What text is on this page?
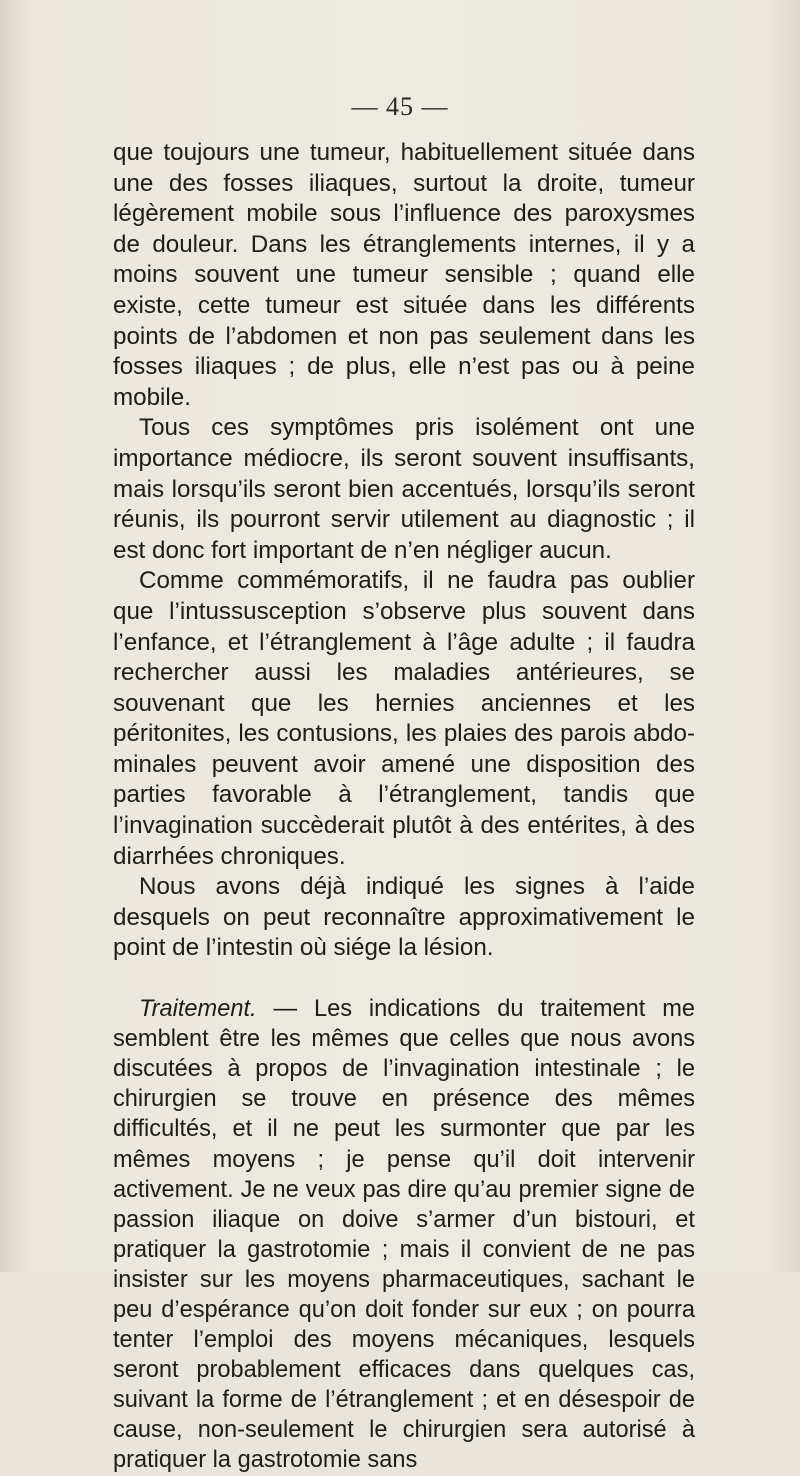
— 45 —

que toujours une tumeur, habituellement située dans une des fosses iliaques, surtout la droite, tumeur légèrement mobile sous l’influence des paroxysmes de douleur. Dans les étranglements internes, il y a moins souvent une tumeur sensible ; quand elle existe, cette tumeur est située dans les différents points de l’abdomen et non pas seulement dans les fosses iliaques ; de plus, elle n’est pas ou à peine mobile.

Tous ces symptômes pris isolément ont une importance médiocre, ils seront souvent insuffisants, mais lorsqu’ils seront bien accentués, lorsqu’ils seront réunis, ils pourront servir utilement au diagnostic ; il est donc fort important de n’en négliger aucun.

Comme commémoratifs, il ne faudra pas oublier que l’intussusception s’observe plus souvent dans l’enfance, et l’étranglement à l’âge adulte ; il faudra rechercher aussi les maladies antérieures, se souvenant que les hernies anciennes et les péritonites, les contusions, les plaies des parois abdominales peuvent avoir amené une disposition des parties favorable à l’étranglement, tandis que l’invagination succèderait plutôt à des entérites, à des diarrhées chroniques.

Nous avons déjà indiqué les signes à l’aide desquels on peut reconnaître approximativement le point de l’intestin où siége la lésion.

Traitement. — Les indications du traitement me semblent être les mêmes que celles que nous avons discutées à propos de l’invagination intestinale ; le chirurgien se trouve en présence des mêmes difficultés, et il ne peut les surmonter que par les mêmes moyens ; je pense qu’il doit intervenir activement. Je ne veux pas dire qu’au premier signe de passion iliaque on doive s’armer d’un bistouri, et pratiquer la gastrotomie ; mais il convient de ne pas insister sur les moyens pharmaceutiques, sachant le peu d’espérance qu’on doit fonder sur eux ; on pourra tenter l’emploi des moyens mécaniques, lesquels seront probablement efficaces dans quelques cas, suivant la forme de l’étranglement ; et en désespoir de cause, non-seulement le chirurgien sera autorisé à pratiquer la gastrotomie sans
